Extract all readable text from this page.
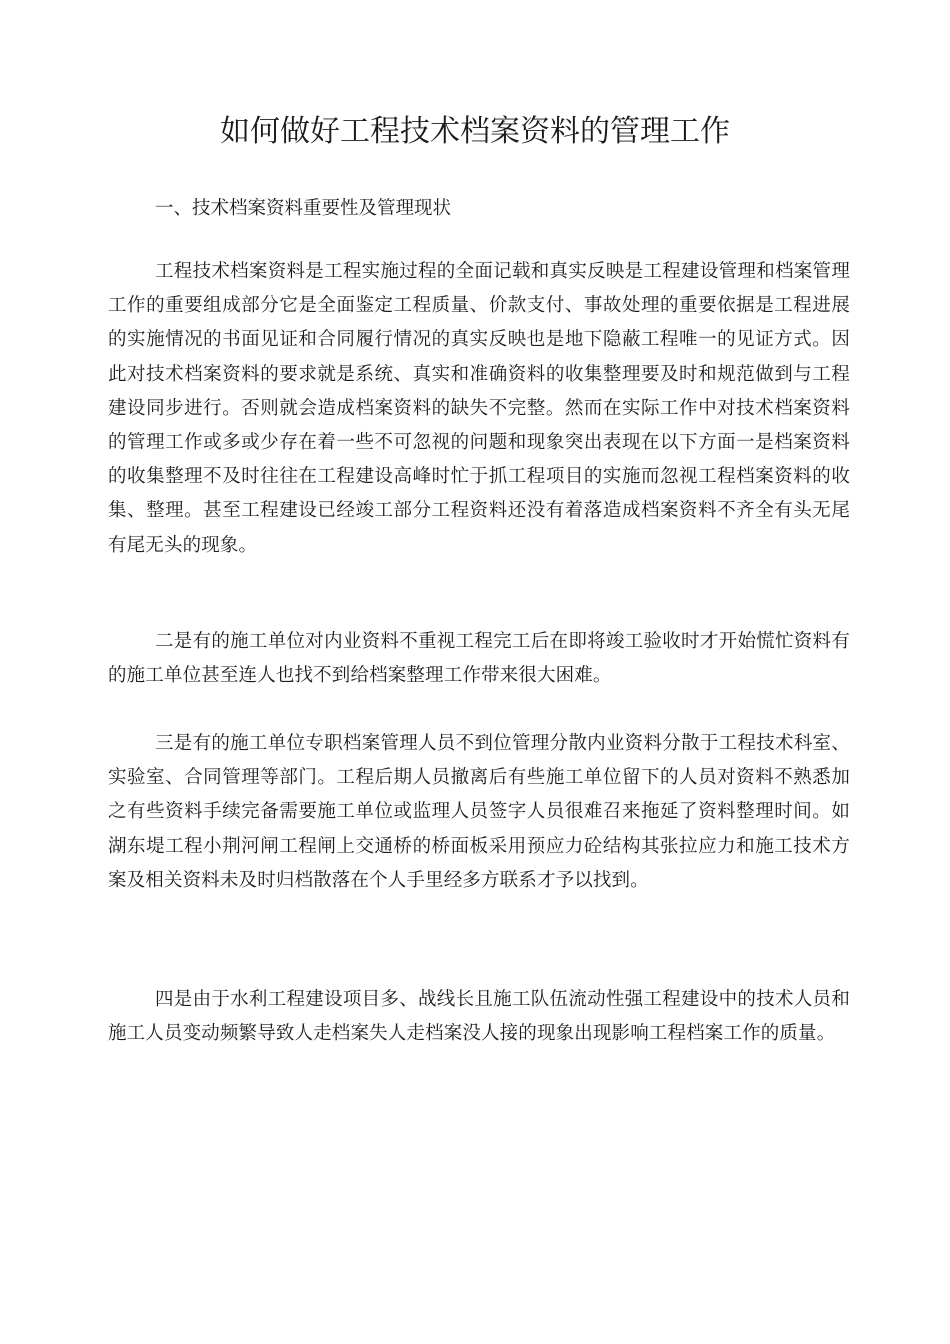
如何做好工程技术档案资料的管理工作
一、技术档案资料重要性及管理现状

工程技术档案资料是工程实施过程的全面记载和真实反映是工程建设管理和档案管理工作的重要组成部分它是全面鉴定工程质量、价款支付、事故处理的重要依据是工程进展的实施情况的书面见证和合同履行情况的真实反映也是地下隐蔽工程唯一的见证方式。因此对技术档案资料的要求就是系统、真实和准确资料的收集整理要及时和规范做到与工程建设同步进行。否则就会造成档案资料的缺失不完整。然而在实际工作中对技术档案资料的管理工作或多或少存在着一些不可忽视的问题和现象突出表现在以下方面一是档案资料的收集整理不及时往往在工程建设高峰时忙于抓工程项目的实施而忽视工程档案资料的收集、整理。甚至工程建设已经竣工部分工程资料还没有着落造成档案资料不齐全有头无尾有尾无头的现象。

二是有的施工单位对内业资料不重视工程完工后在即将竣工验收时才开始慌忙资料有的施工单位甚至连人也找不到给档案整理工作带来很大困难。

三是有的施工单位专职档案管理人员不到位管理分散内业资料分散于工程技术科室、实验室、合同管理等部门。工程后期人员撤离后有些施工单位留下的人员对资料不熟悉加之有些资料手续完备需要施工单位或监理人员签字人员很难召来拖延了资料整理时间。如湖东堤工程小荆河闸工程闸上交通桥的桥面板采用预应力砼结构其张拉应力和施工技术方案及相关资料未及时归档散落在个人手里经多方联系才予以找到。

四是由于水利工程建设项目多、战线长且施工队伍流动性强工程建设中的技术人员和施工人员变动频繁导致人走档案失人走档案没人接的现象出现影响工程档案工作的质量。
